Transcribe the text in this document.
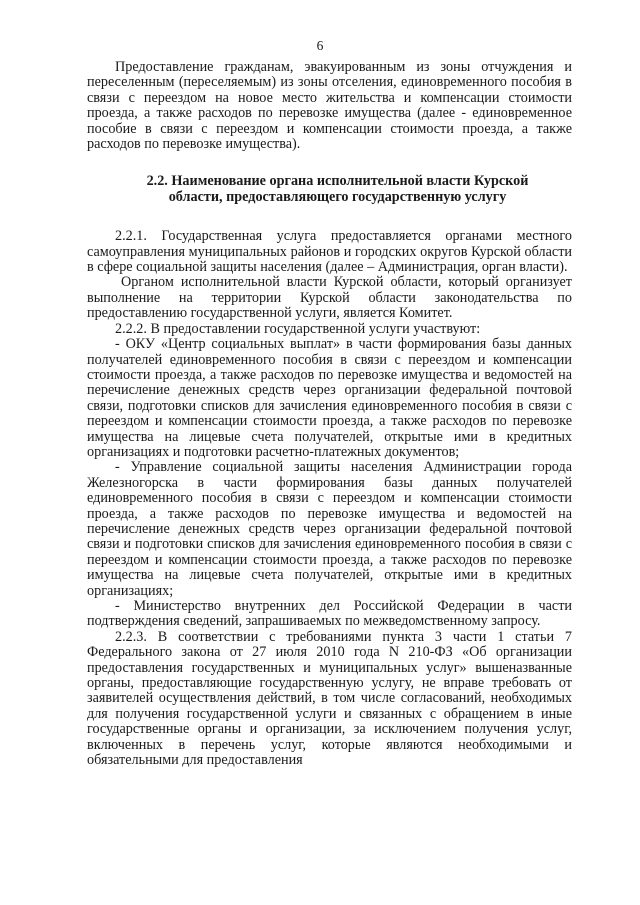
6

Предоставление гражданам, эвакуированным из зоны отчуждения и переселенным (переселяемым) из зоны отселения, единовременного пособия в связи с переездом на новое место жительства и компенсации стоимости проезда, а также расходов по перевозке имущества (далее - единовременное пособие в связи с переездом и компенсации стоимости проезда, а также расходов по перевозке имущества).

2.2. Наименование органа исполнительной власти Курской области, предоставляющего государственную услугу

2.2.1. Государственная услуга предоставляется органами местного самоуправления муниципальных районов и городских округов Курской области в сфере социальной защиты населения (далее – Администрация, орган власти).

Органом исполнительной власти Курской области, который организует выполнение на территории Курской области законодательства по предоставлению государственной услуги, является Комитет.

2.2.2. В предоставлении государственной услуги участвуют:

- ОКУ «Центр социальных выплат» в части формирования базы данных получателей единовременного пособия в связи с переездом и компенсации стоимости проезда, а также расходов по перевозке имущества и ведомостей на перечисление денежных средств через организации федеральной почтовой связи, подготовки списков для зачисления единовременного пособия в связи с переездом и компенсации стоимости проезда, а также расходов по перевозке имущества на лицевые счета получателей, открытые ими в кредитных организациях и подготовки расчетно-платежных документов;

- Управление социальной защиты населения Администрации города Железногорска в части формирования базы данных получателей единовременного пособия в связи с переездом и компенсации стоимости проезда, а также расходов по перевозке имущества и ведомостей на перечисление денежных средств через организации федеральной почтовой связи и подготовки списков для зачисления единовременного пособия в связи с переездом и компенсации стоимости проезда, а также расходов по перевозке имущества на лицевые счета получателей, открытые ими в кредитных организациях;

- Министерство внутренних дел Российской Федерации в части подтверждения сведений, запрашиваемых по межведомственному запросу.

2.2.3. В соответствии с требованиями пункта 3 части 1 статьи 7 Федерального закона от 27 июля 2010 года N 210-ФЗ «Об организации предоставления государственных и муниципальных услуг» вышеназванные органы, предоставляющие государственную услугу, не вправе требовать от заявителей осуществления действий, в том числе согласований, необходимых для получения государственной услуги и связанных с обращением в иные государственные органы и организации, за исключением получения услуг, включенных в перечень услуг, которые являются необходимыми и обязательными для предоставления
